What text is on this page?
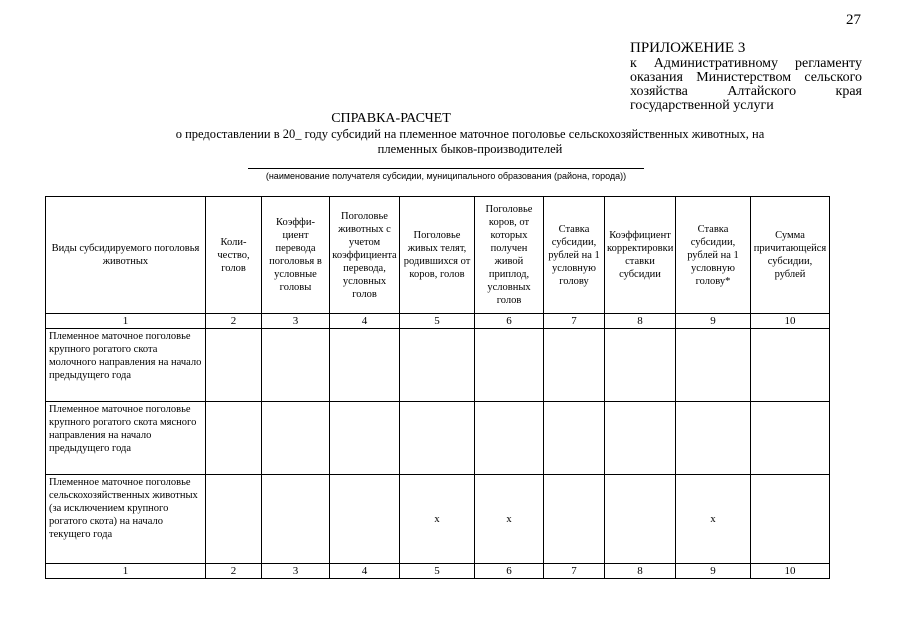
27
ПРИЛОЖЕНИЕ 3
к Административному регламенту оказания Министерством сельского хозяйства Алтайского края государственной услуги
СПРАВКА-РАСЧЕТ
о предоставлении в 20_ году субсидий на племенное маточное поголовье сельскохозяйственных животных, на племенных быков-производителей
(наименование получателя субсидии, муниципального образования (района, города))
Виды субсидируемого поголовья животных	Коли-чество, голов	Коэффи-циент перевода поголовья в условные головы	Поголовье животных с учетом коэффициента перевода, условных голов	Поголовье живых телят, родившихся от коров, голов	Поголовье коров, от которых получен живой приплод, условных голов	Ставка субсидии, рублей на 1 условную голову	Коэффициент корректировки ставки субсидии	Ставка субсидии, рублей на 1 условную голову*	Сумма причитающейся субсидии, рублей
1	2	3	4	5	6	7	8	9	10
Племенное маточное поголовье крупного рогатого скота молочного направления на начало предыдущего года									
Племенное маточное поголовье крупного рогатого скота мясного направления на начало предыдущего года									
Племенное маточное поголовье сельскохозяйственных животных (за исключением крупного рогатого скота) на начало текущего года				x	x			x	
1	2	3	4	5	6	7	8	9	10
